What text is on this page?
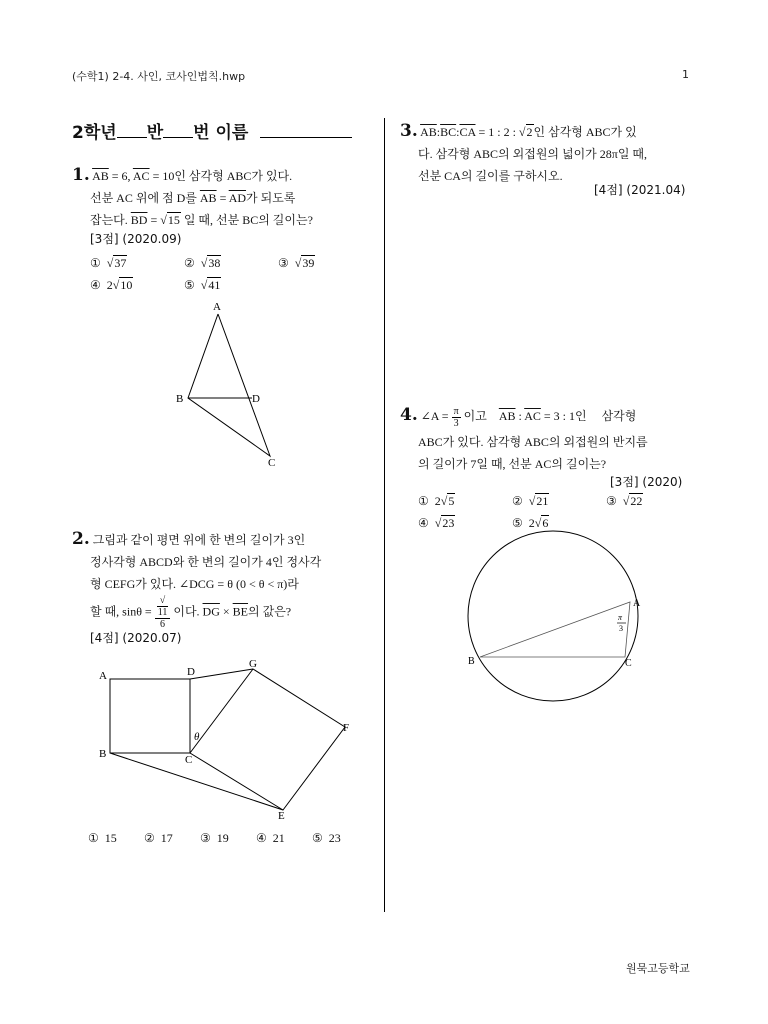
(수학1) 2-4. 사인, 코사인법칙.hwp	1
2학년 반 번 이름
1. $\overline{AB} = 6$, $\overline{AC} = 10$인 삼각형 ABC가 있다.
선분 AC 위에 점 D를 $\overline{AB} = \overline{AD}$가 되도록
잡는다. $\overline{BD} = √15$ 일 때, 선분 BC의 길이는?
[3점] (2020.09)
①  √37	②  √38	③  √39
④ 2√10	⑤  √41
A
B	D
C
2. 그림과 같이 평면 위에 한 변의 길이가 3인
정사각형 ABCD와 한 변의 길이가 4인 정사각
형 CEFG가 있다. ∠DCG = θ (0 < θ < π)라
할 때, sinθ = √
11
6 이다. $\overline{DG} \times \overline{BE}$의 값은?
[4점] (2020.07)
A	D
G
F
E
B	C
θ
① 15 ② 17 ③ 19 ④ 21 ⑤ 23
3. $\overline{AB}:\overline{BC}:\overline{CA} = 1$ : 2 : √2인 삼각형 ABC가 있
다. 삼각형 ABC의 외접원의 넓이가 28π일 때,
선분 CA의 길이를 구하시오.
[4점] (2021.04)
4. ∠A = $\frac{\pi}{3}$ 이고 $\overline{AB}$ : $\overline{AC} = 3$ : 1인 삼각형
ABC가 있다. 삼각형 ABC의 외접원의 반지름
의 길이가 7일 때, 선분 AC의 길이는?
[3점] (2020)
① 2√5	②  √21	③  √22
④  √23	⑤ 2√6
A
B	C
π
3
원묵고등학교
